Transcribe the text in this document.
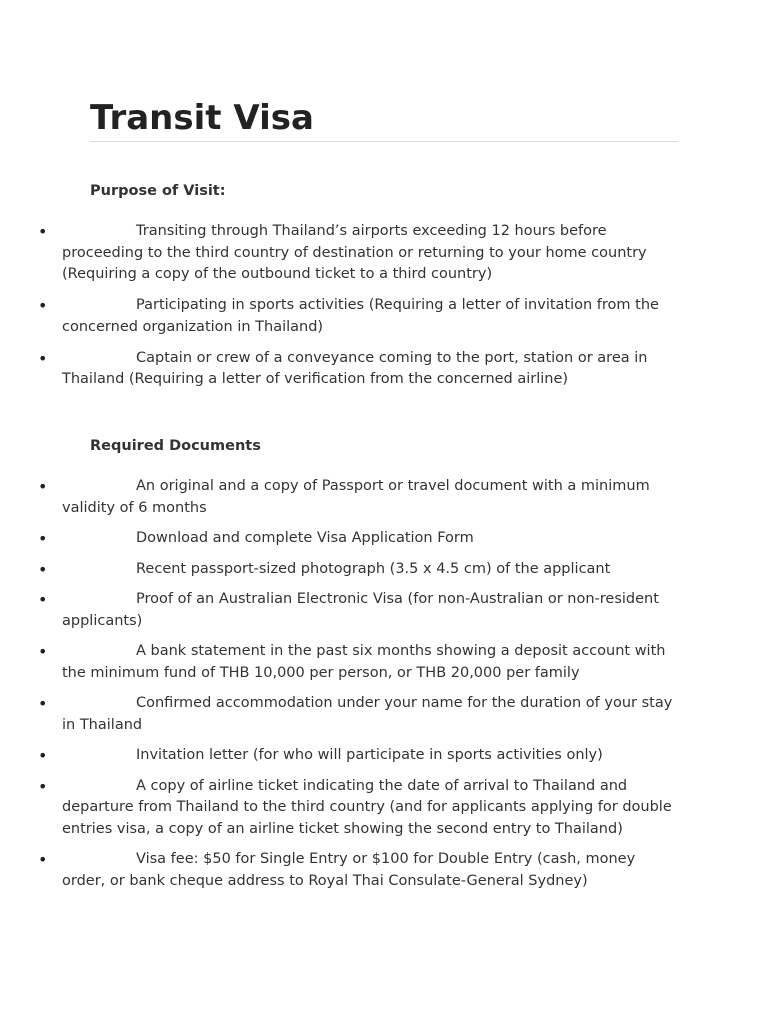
Transit Visa
Purpose of Visit:
•	Transiting through Thailand’s airports exceeding 12 hours before proceeding to the third country of destination or returning to your home country (Requiring a copy of the outbound ticket to a third country)
•	Participating in sports activities (Requiring a letter of invitation from the concerned organization in Thailand)
•	Captain or crew of a conveyance coming to the port, station or area in Thailand (Requiring a letter of verification from the concerned airline)
Required Documents
•	An original and a copy of Passport or travel document with a minimum validity of 6 months
•	Download and complete Visa Application Form
•	Recent passport-sized photograph (3.5 x 4.5 cm) of the applicant
•	Proof of an Australian Electronic Visa (for non-Australian or non-resident applicants)
•	A bank statement in the past six months showing a deposit account with the minimum fund of THB 10,000 per person, or THB 20,000 per family
•	Confirmed accommodation under your name for the duration of your stay in Thailand
•	Invitation letter (for who will participate in sports activities only)
•	A copy of airline ticket indicating the date of arrival to Thailand and departure from Thailand to the third country (and for applicants applying for double entries visa, a copy of an airline ticket showing the second entry to Thailand)
•	Visa fee: $50 for Single Entry or $100 for Double Entry (cash, money order, or bank cheque address to Royal Thai Consulate-General Sydney)
